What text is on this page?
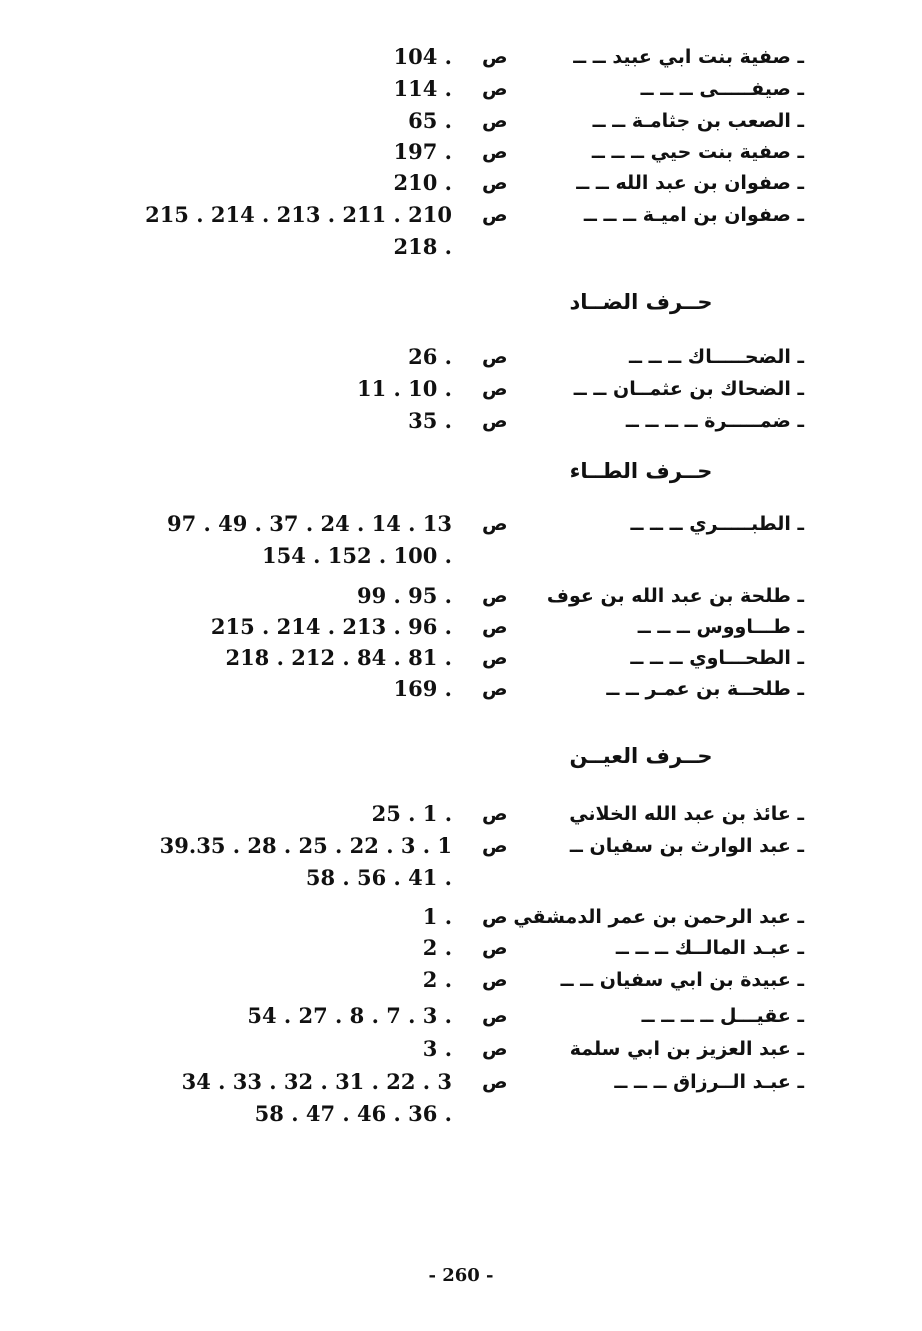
ـ صفية بنت ابي عبيد ــ ــ
ص
104 .
ـ صيفـــــى ــ ــ ــ
ص
114 .
ـ الصعب بن جثامـة ــ ــ
ص
65 .
ـ صفية بنت حيي ــ ــ ــ
ص
197 .
ـ صفوان بن عبد الله ــ ــ
ص
210 .
ـ صفوان بن اميـة ــ ــ ــ
ص
215 . 214 . 213 . 211 . 210
218 .
حــرف الضــاد
ـ الضحـــــاك ــ ــ ــ
ص
26 .
ـ الضحاك بن عثمــان ــ ــ
ص
11 . 10 .
ـ ضمـــــرة ــ ــ ــ ــ
ص
35 .
حــرف الطــاء
ـ الطبـــــري ــ ــ ــ
ص
97 . 49 . 37 . 24 . 14 . 13
154 . 152 . 100 .
ـ طلحة بن عبد الله بن عوف
ص
99 . 95 .
ـ طـــاووس ــ ــ ــ
ص
215 . 214 . 213 . 96 .
ـ الطحـــاوي ــ ــ ــ
ص
218 . 212 . 84 . 81 .
ـ طلحــة بن عمـر ــ ــ
ص
169 .
حــرف العيــن
ـ عائذ بن عبد الله الخلاني
ص
25 . 1 .
ـ عبد الوارث بن سفيان ــ
ص
39.35 . 28 . 25 . 22 . 3 . 1
58 . 56 . 41 .
ـ عبد الرحمن بن عمر الدمشقي
ص
1 .
ـ عبـد المالــك ــ ــ ــ
ص
2 .
ـ عبيدة بن ابي سفيان ــ ــ
ص
2 .
ـ عقيـــل ــ ــ ــ ــ
ص
54 . 27 . 8 . 7 . 3 .
ـ عبد العزيز بن ابي سلمة
ص
3 .
ـ عبـد الــرزاق ــ ــ ــ
ص
34 . 33 . 32 . 31 . 22 . 3
58 . 47 . 46 . 36 .
- 260 -
